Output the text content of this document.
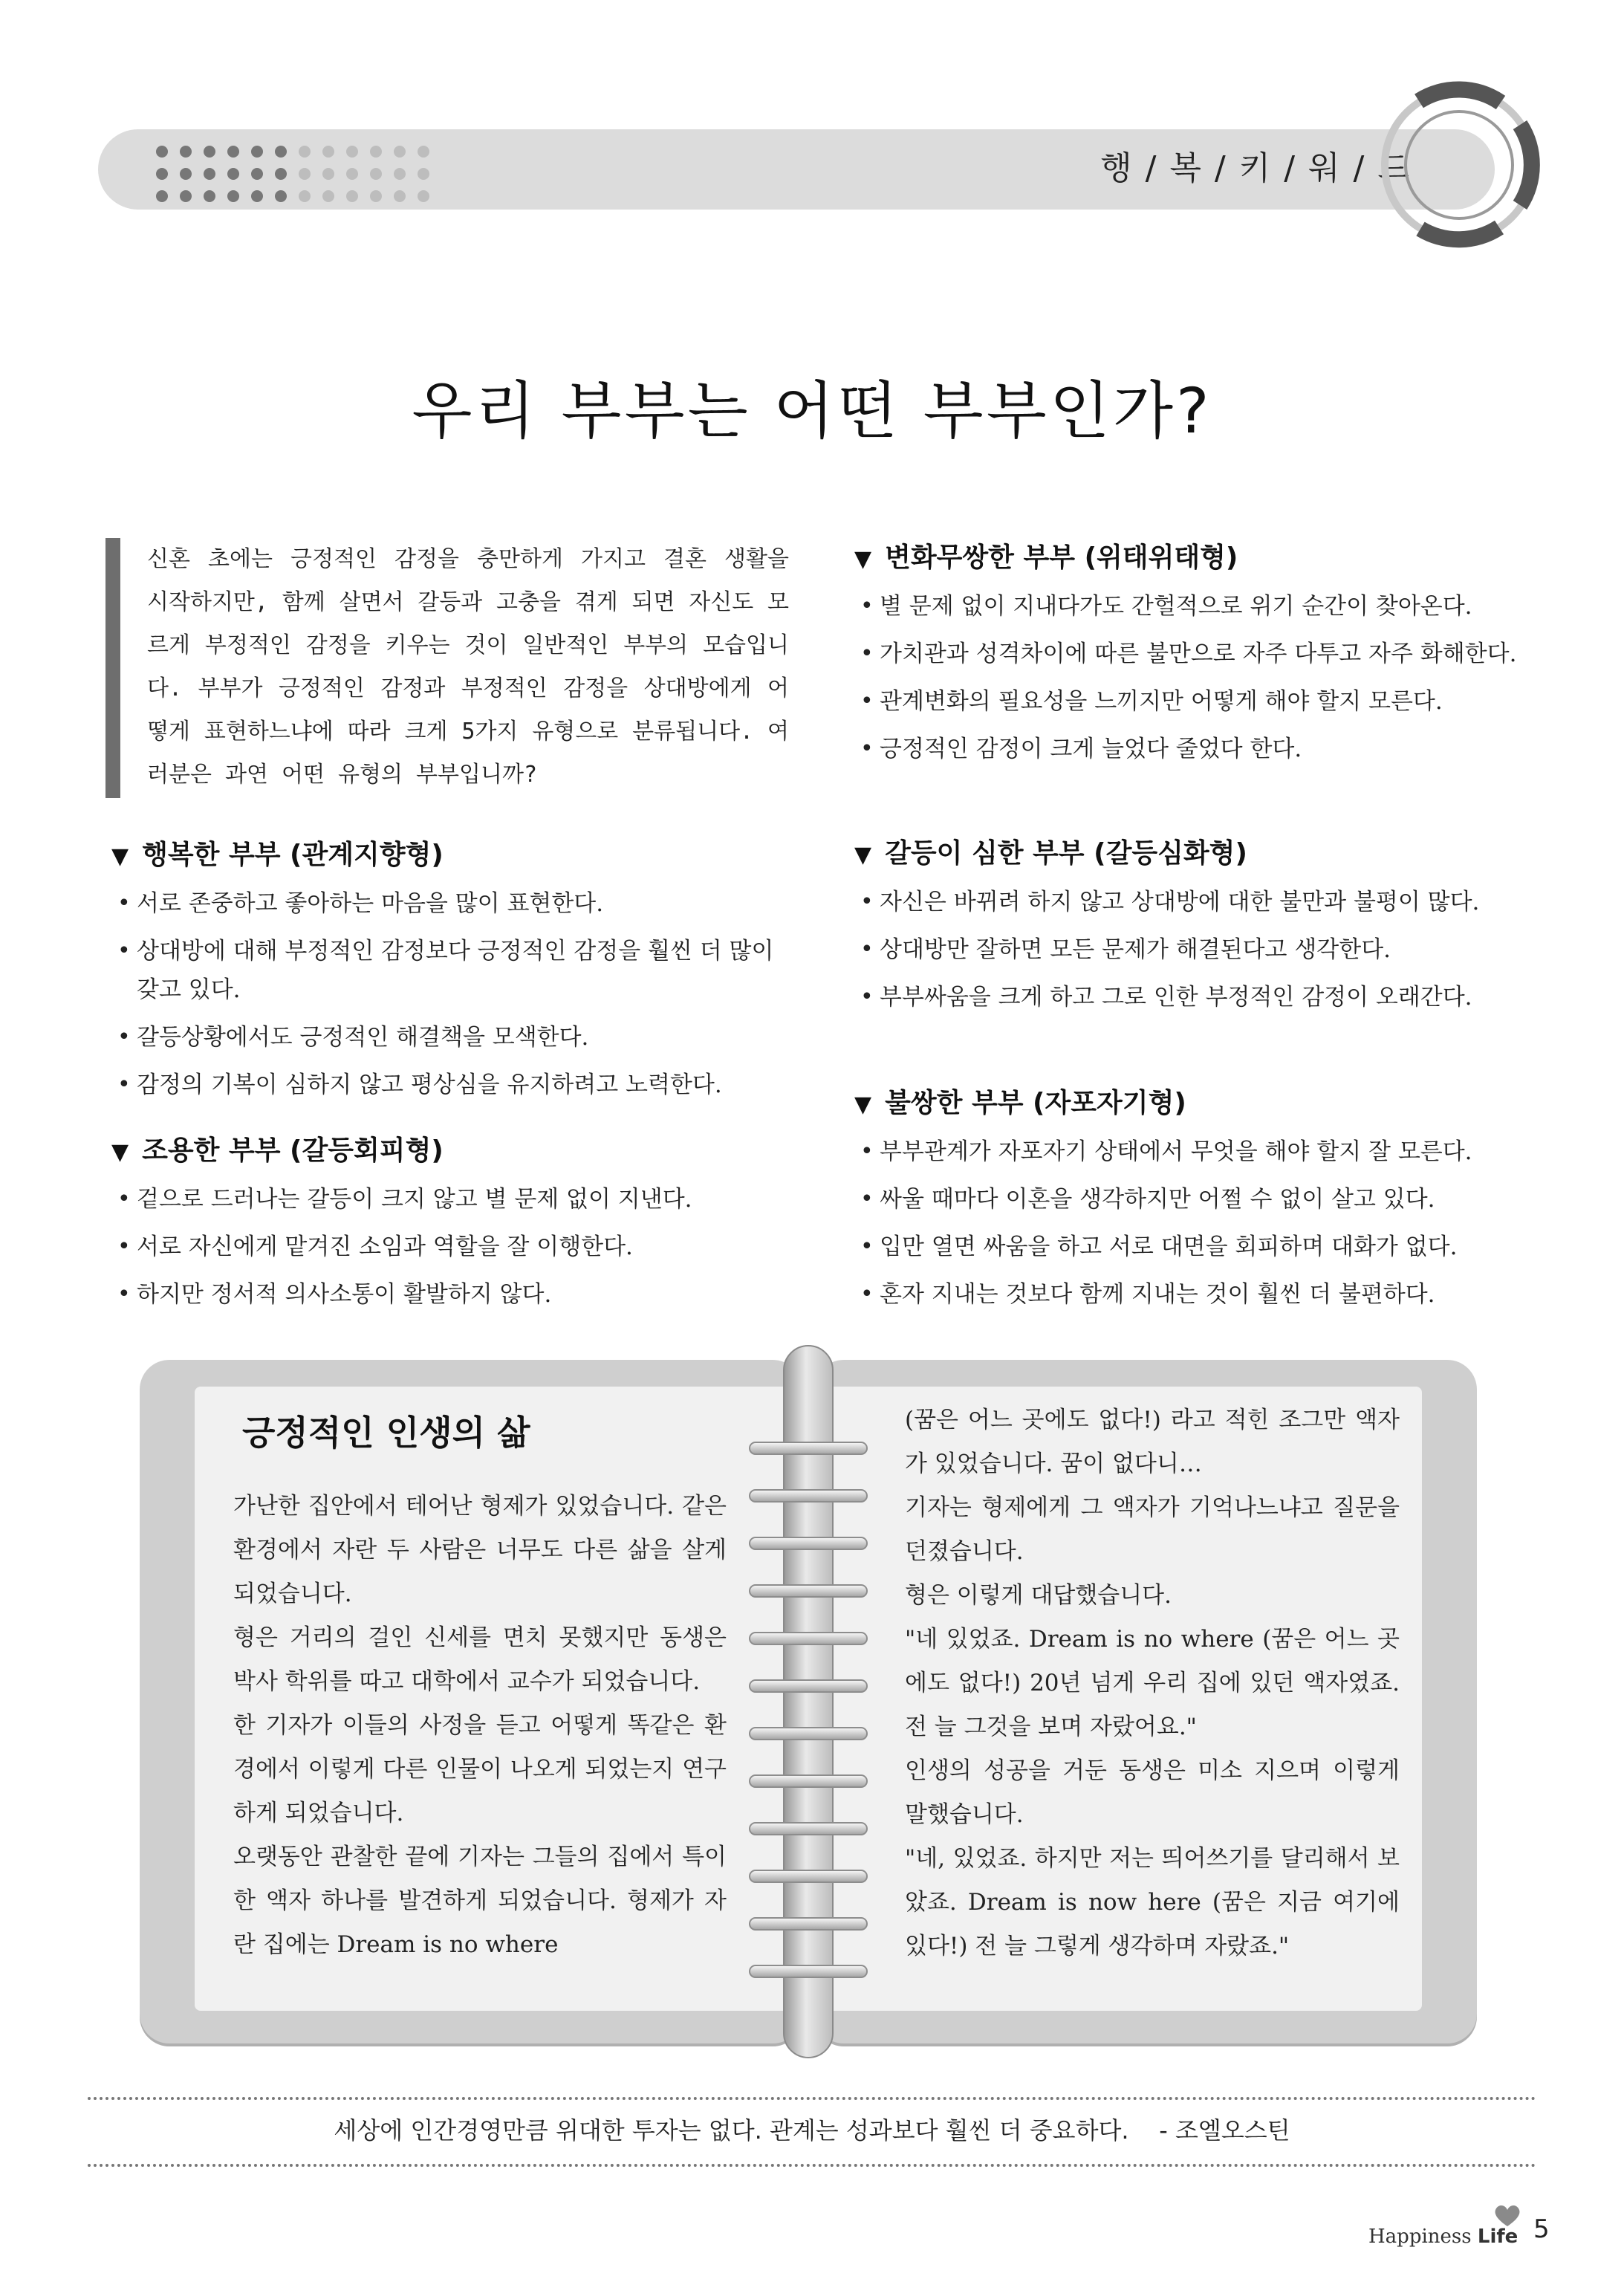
행 / 복 / 키 / 워 / 드
우리 부부는 어떤 부부인가?

신혼 초에는 긍정적인 감정을 충만하게 가지고 결혼 생활을 시작하지만, 함께 살면서 갈등과 고충을 겪게 되면 자신도 모르게 부정적인 감정을 키우는 것이 일반적인 부부의 모습입니다. 부부가 긍정적인 감정과 부정적인 감정을 상대방에게 어떻게 표현하느냐에 따라 크게 5가지 유형으로 분류됩니다. 여러분은 과연 어떤 유형의 부부입니까?

▼ 행복한 부부 (관계지향형)
• 서로 존중하고 좋아하는 마음을 많이 표현한다.
• 상대방에 대해 부정적인 감정보다 긍정적인 감정을 훨씬 더 많이 갖고 있다.
• 갈등상황에서도 긍정적인 해결책을 모색한다.
• 감정의 기복이 심하지 않고 평상심을 유지하려고 노력한다.
▼ 조용한 부부 (갈등회피형)
• 겉으로 드러나는 갈등이 크지 않고 별 문제 없이 지낸다.
• 서로 자신에게 맡겨진 소임과 역할을 잘 이행한다.
• 하지만 정서적 의사소통이 활발하지 않다.
▼ 변화무쌍한 부부 (위태위태형)
• 별 문제 없이 지내다가도 간헐적으로 위기 순간이 찾아온다.
• 가치관과 성격차이에 따른 불만으로 자주 다투고 자주 화해한다.
• 관계변화의 필요성을 느끼지만 어떻게 해야 할지 모른다.
• 긍정적인 감정이 크게 늘었다 줄었다 한다.
▼ 갈등이 심한 부부 (갈등심화형)
• 자신은 바뀌려 하지 않고 상대방에 대한 불만과 불평이 많다.
• 상대방만 잘하면 모든 문제가 해결된다고 생각한다.
• 부부싸움을 크게 하고 그로 인한 부정적인 감정이 오래간다.
▼ 불쌍한 부부 (자포자기형)
• 부부관계가 자포자기 상태에서 무엇을 해야 할지 잘 모른다.
• 싸울 때마다 이혼을 생각하지만 어쩔 수 없이 살고 있다.
• 입만 열면 싸움을 하고 서로 대면을 회피하며 대화가 없다.
• 혼자 지내는 것보다 함께 지내는 것이 훨씬 더 불편하다.
긍정적인 인생의 삶

가난한 집안에서 테어난 형제가 있었습니다. 같은 환경에서 자란 두 사람은 너무도 다른 삶을 살게 되었습니다.

형은 거리의 걸인 신세를 면치 못했지만 동생은 박사 학위를 따고 대학에서 교수가 되었습니다.

한 기자가 이들의 사정을 듣고 어떻게 똑같은 환경에서 이렇게 다른 인물이 나오게 되었는지 연구하게 되었습니다.

오랫동안 관찰한 끝에 기자는 그들의 집에서 특이한 액자 하나를 발견하게 되었습니다. 형제가 자란 집에는 Dream is no where

(꿈은 어느 곳에도 없다!) 라고 적힌 조그만 액자가 있었습니다. 꿈이 없다니…

기자는 형제에게 그 액자가 기억나느냐고 질문을 던졌습니다.

형은 이렇게 대답했습니다.

"네 있었죠. Dream is no where (꿈은 어느 곳에도 없다!) 20년 넘게 우리 집에 있던 액자였죠. 전 늘 그것을 보며 자랐어요."

인생의 성공을 거둔 동생은 미소 지으며 이렇게 말했습니다.

"네, 있었죠. 하지만 저는 띄어쓰기를 달리해서 보았죠. Dream is now here (꿈은 지금 여기에 있다!) 전 늘 그렇게 생각하며 자랐죠."

세상에 인간경영만큼 위대한 투자는 없다. 관계는 성과보다 훨씬 더 중요하다.    - 조엘오스틴
Happiness Life 5
